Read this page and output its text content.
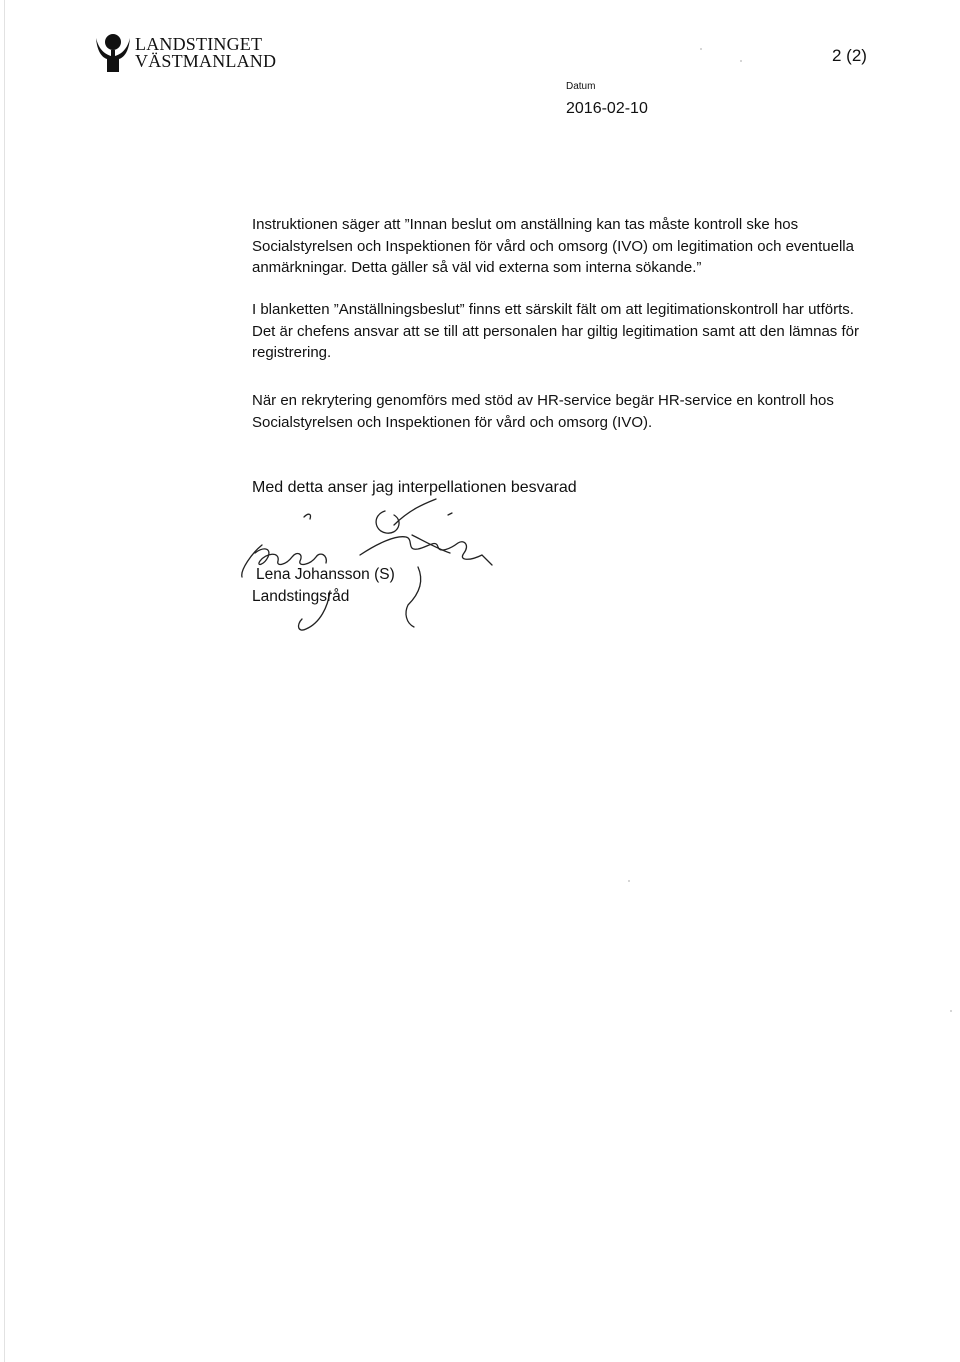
LANDSTINGET
VÄSTMANLAND	2 (2)
Datum
2016-02-10

Instruktionen säger att ”Innan beslut om anställning kan tas måste kontroll ske hos Socialstyrelsen och Inspektionen för vård och omsorg (IVO) om legitimation och eventuella anmärkningar. Detta gäller så väl vid externa som interna sökande.”

I blanketten ”Anställningsbeslut” finns ett särskilt fält om att legitimationskontroll har utförts. Det är chefens ansvar att se till att personalen har giltig legitimation samt att den lämnas för registrering.

När en rekrytering genomförs med stöd av HR-service begär HR-service en kontroll hos Socialstyrelsen och Inspektionen för vård och omsorg (IVO).

Med detta anser jag interpellationen besvarad

Lena Johansson (S)
Landstingsråd
